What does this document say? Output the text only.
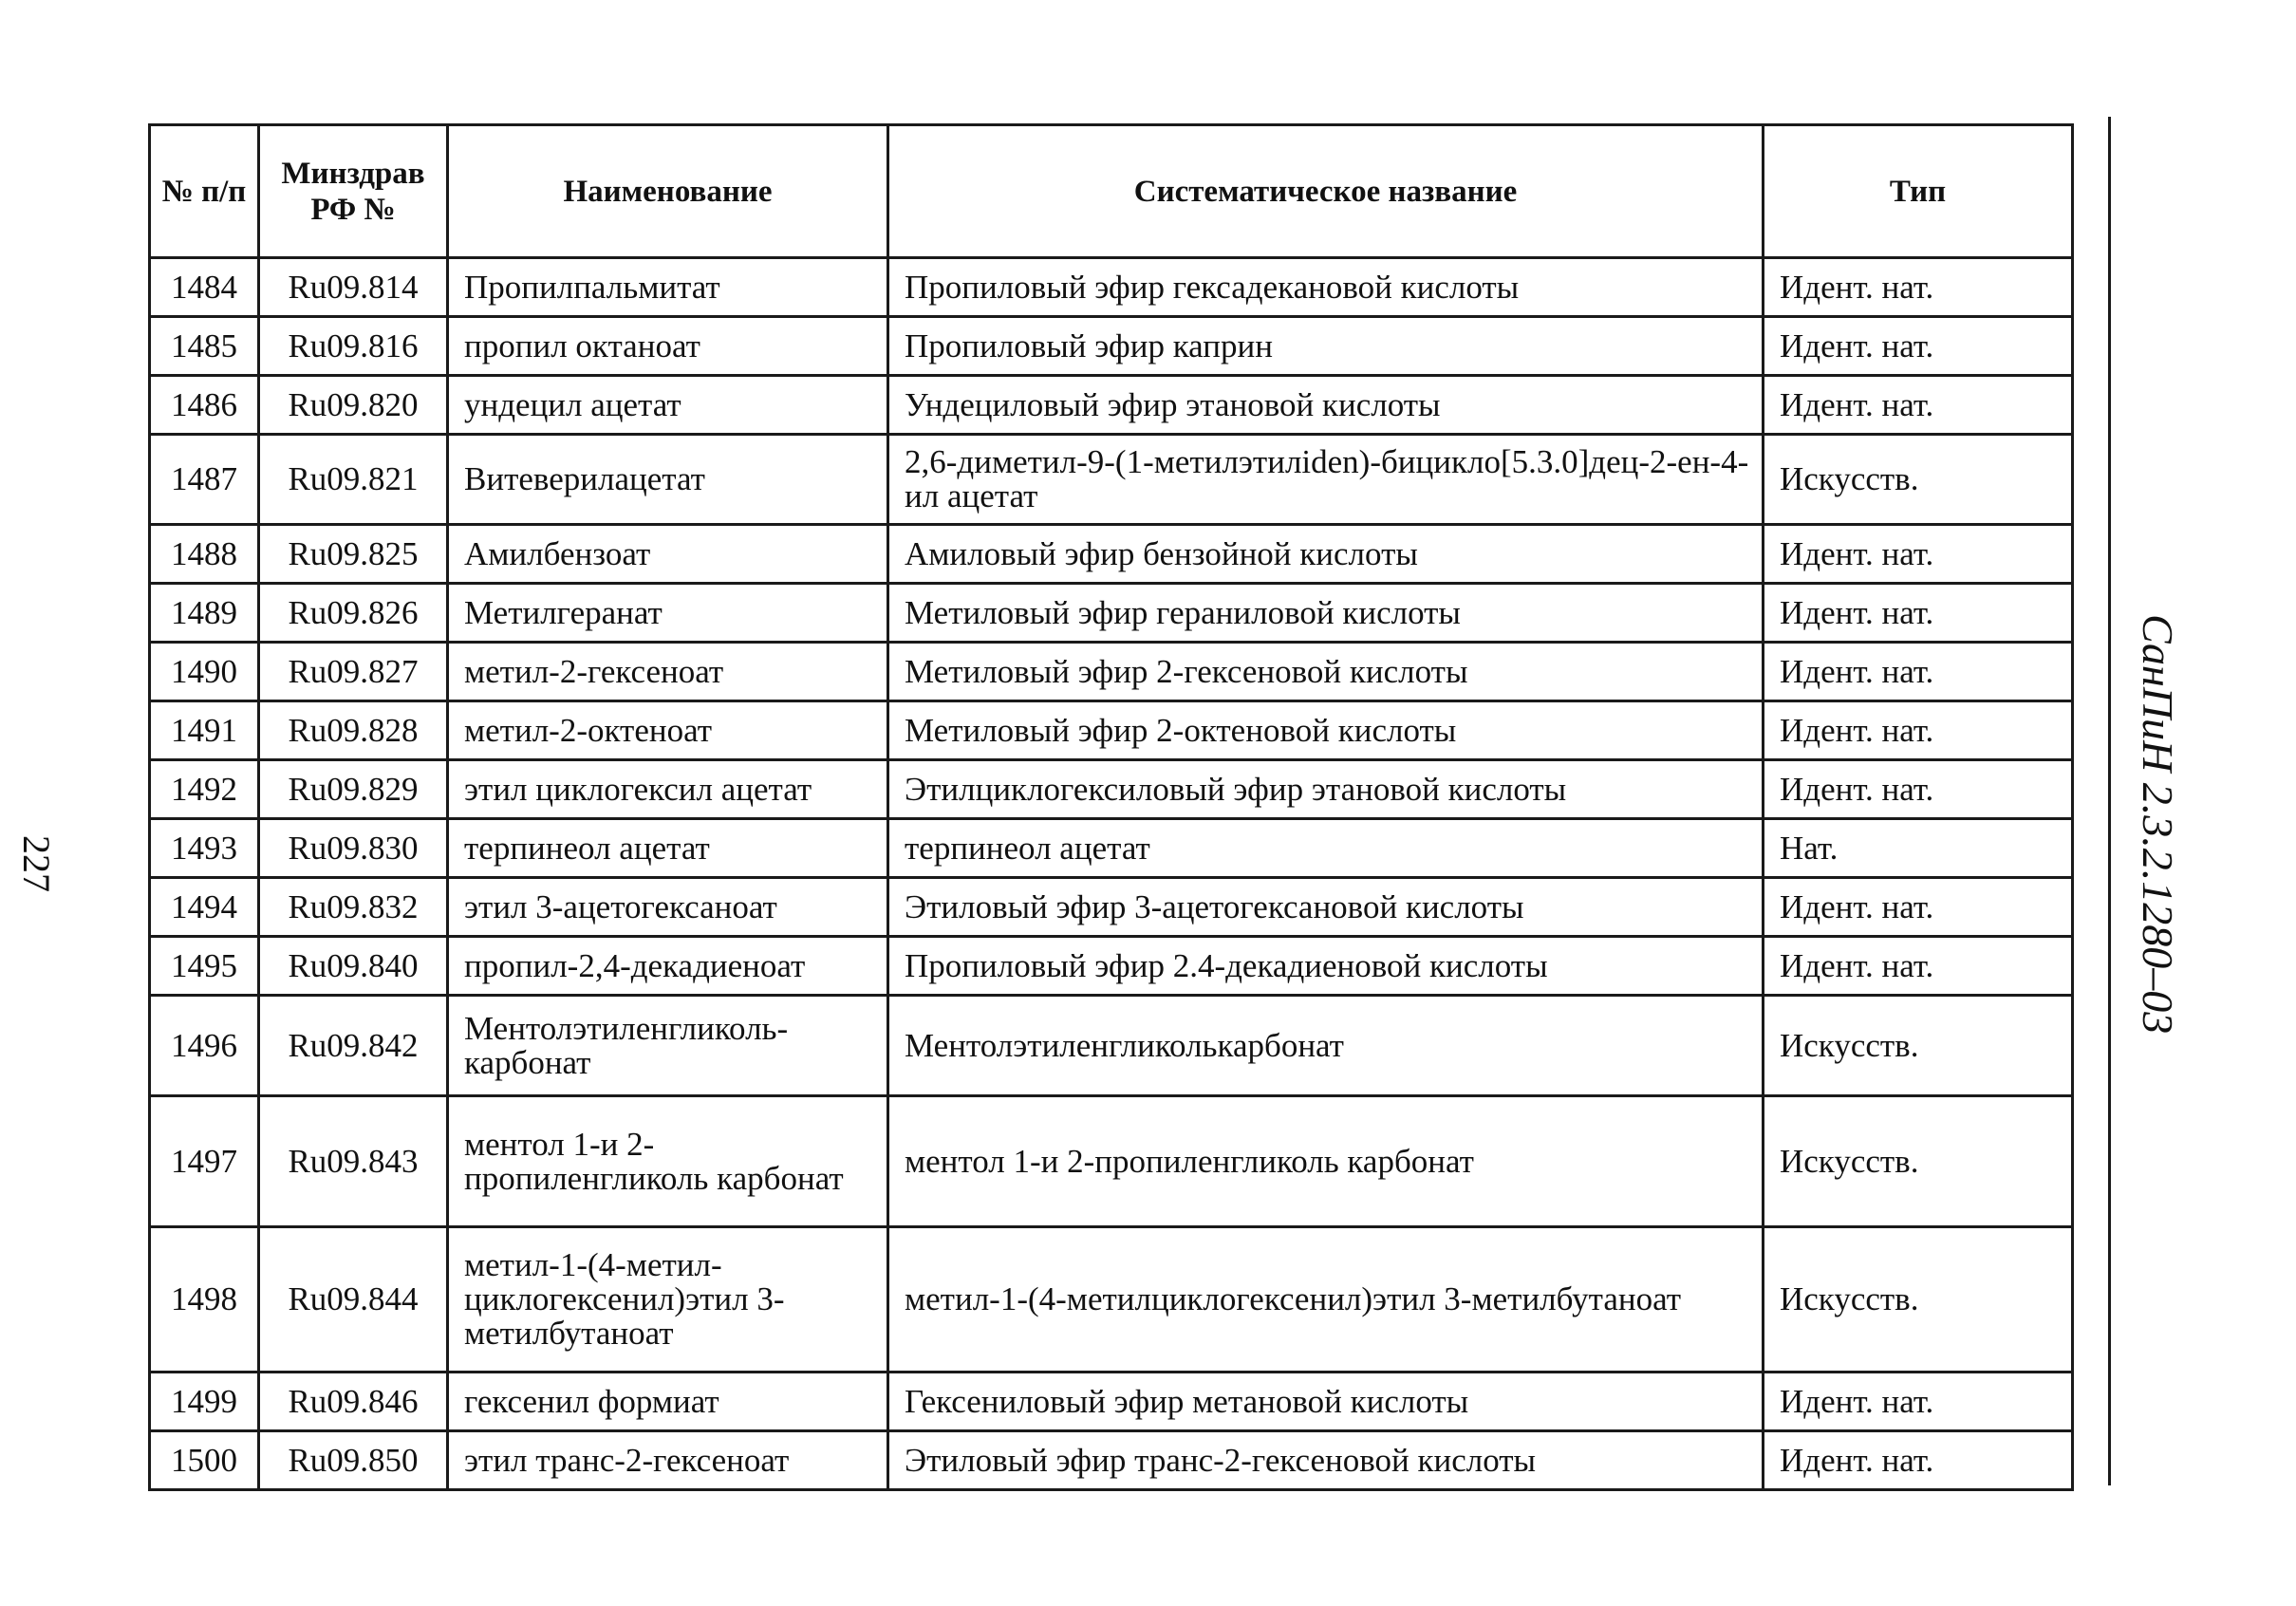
227
№ п/п	Минздрав РФ №	Наименование	Систематическое название	Тип
1484	Ru09.814	Пропилпальмитат	Пропиловый эфир гексадекановой кислоты	Идент. нат.
1485	Ru09.816	пропил октаноат	Пропиловый эфир каприн	Идент. нат.
1486	Ru09.820	ундецил ацетат	Ундециловый эфир этановой кислоты	Идент. нат.
1487	Ru09.821	Витеверилацетат	2,6-диметил-9-(1-метилэтилiden)-бицикло[5.3.0]дец-2-ен-4-ил ацетат	Искусств.
1488	Ru09.825	Амилбензоат	Амиловый эфир бензойной кислоты	Идент. нат.
1489	Ru09.826	Метилгеранат	Метиловый эфир гераниловой кислоты	Идент. нат.
1490	Ru09.827	метил-2-гексеноат	Метиловый эфир 2-гексеновой кислоты	Идент. нат.
1491	Ru09.828	метил-2-октеноат	Метиловый эфир 2-октеновой кислоты	Идент. нат.
1492	Ru09.829	этил циклогексил ацетат	Этилциклогексиловый эфир этановой кислоты	Идент. нат.
1493	Ru09.830	терпинеол ацетат	терпинеол ацетат	Нат.
1494	Ru09.832	этил 3-ацетогексаноат	Этиловый эфир 3-ацетогексановой кислоты	Идент. нат.
1495	Ru09.840	пропил-2,4-декадиеноат	Пропиловый эфир 2.4-декадиеновой кислоты	Идент. нат.
1496	Ru09.842	Ментолэтиленгликоль-карбонат	Ментолэтиленгликолькарбонат	Искусств.
1497	Ru09.843	ментол 1-и 2-пропиленгликоль карбонат	ментол 1-и 2-пропиленгликоль карбонат	Искусств.
1498	Ru09.844	метил-1-(4-метил-циклогексенил)этил 3-метилбутаноат	метил-1-(4-метилциклогексенил)этил 3-метилбутаноат	Искусств.
1499	Ru09.846	гексенил формиат	Гексениловый эфир метановой кислоты	Идент. нат.
1500	Ru09.850	этил транс-2-гексеноат	Этиловый эфир транс-2-гексеновой кислоты	Идент. нат.
СанПиН 2.3.2.1280–03
